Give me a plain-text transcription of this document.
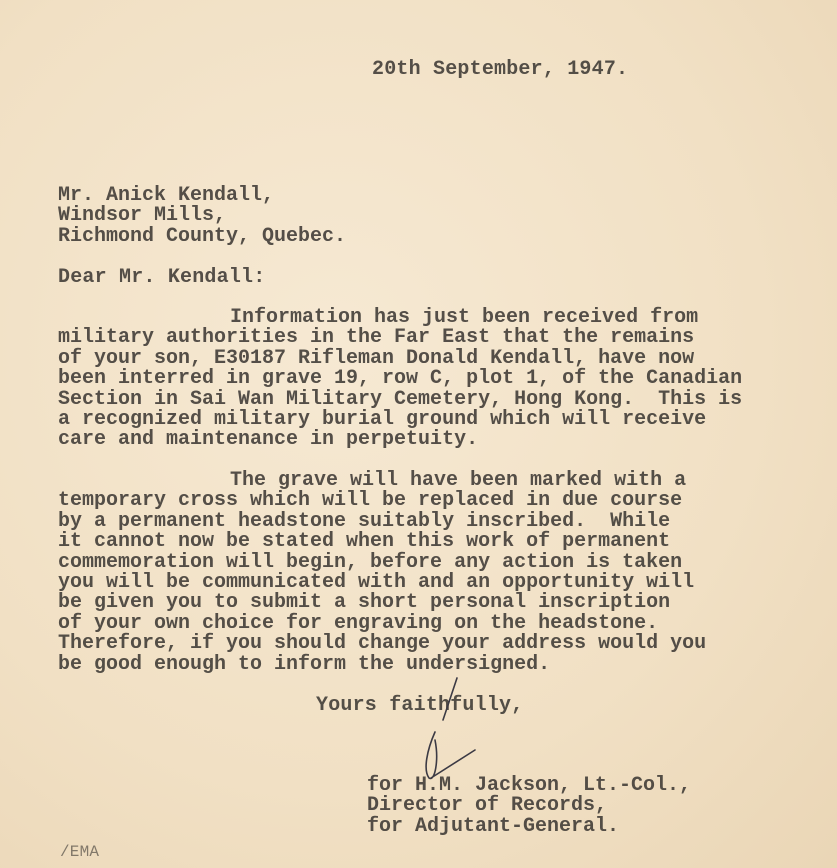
20th September, 1947.
Mr. Anick Kendall,
Windsor Mills,
Richmond County, Quebec.
Dear Mr. Kendall:
Information has just been received from
military authorities in the Far East that the remains
of your son, E30187 Rifleman Donald Kendall, have now
been interred in grave 19, row C, plot 1, of the Canadian
Section in Sai Wan Military Cemetery, Hong Kong.  This is
a recognized military burial ground which will receive
care and maintenance in perpetuity.
The grave will have been marked with a
temporary cross which will be replaced in due course
by a permanent headstone suitably inscribed.  While
it cannot now be stated when this work of permanent
commemoration will begin, before any action is taken
you will be communicated with and an opportunity will
be given you to submit a short personal inscription
of your own choice for engraving on the headstone.
Therefore, if you should change your address would you
be good enough to inform the undersigned.
Yours faithfully,
for H.M. Jackson, Lt.-Col.,
Director of Records,
for Adjutant-General.
/EMA
